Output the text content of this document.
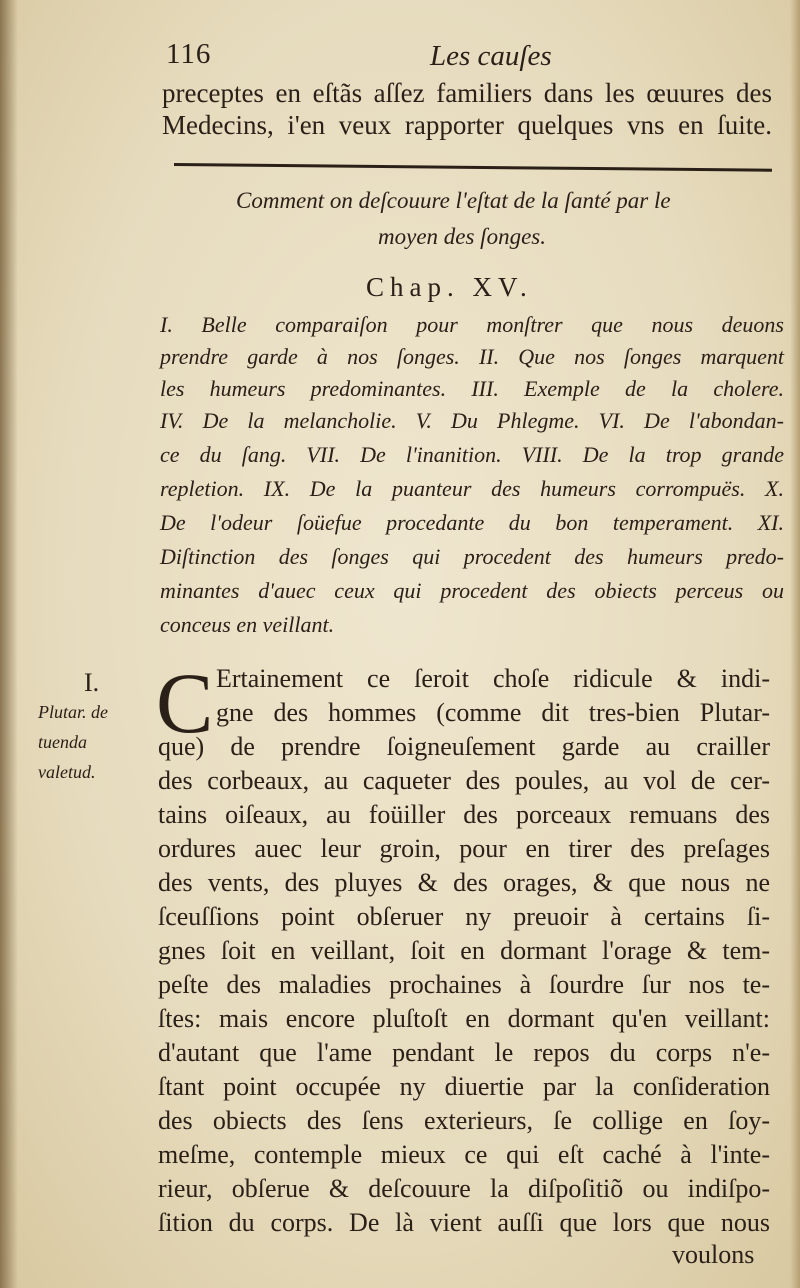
116	Les cauſes
preceptes en eſtãs aſſez familiers dans les œuures des
Medecins, i'en veux rapporter quelques vns en ſuite.
Comment on deſcouure l'eſtat de la ſanté par le
moyen des ſonges.
Chap. XV.
I. Belle comparaiſon pour monſtrer que nous deuons
prendre garde à nos ſonges. II. Que nos ſonges marquent
les humeurs predominantes. III. Exemple de la cholere.
IV. De la melancholie. V. Du Phlegme. VI. De l'abondan-
ce du ſang. VII. De l'inanition. VIII. De la trop grande
repletion. IX. De la puanteur des humeurs corrompuës. X.
De l'odeur ſoüefue procedante du bon temperament. XI.
Diſtinction des ſonges qui procedent des humeurs predo-
minantes d'auec ceux qui procedent des obiects perceus ou
conceus en veillant.
I.
Plutar. de
tuenda
valetud.
C Ertainement ce ſeroit choſe ridicule & indi-
gne des hommes (comme dit tres-bien Plutar-
que) de prendre ſoigneuſement garde au crailler
des corbeaux, au caqueter des poules, au vol de cer-
tains oiſeaux, au foüiller des porceaux remuans des
ordures auec leur groin, pour en tirer des preſages
des vents, des pluyes & des orages, & que nous ne
ſceuſſions point obſeruer ny preuoir à certains ſi-
gnes ſoit en veillant, ſoit en dormant l'orage & tem-
peſte des maladies prochaines à ſourdre ſur nos te-
ſtes: mais encore pluſtoſt en dormant qu'en veillant:
d'autant que l'ame pendant le repos du corps n'e-
ſtant point occupée ny diuertie par la conſideration
des obiects des ſens exterieurs, ſe collige en ſoy-
meſme, contemple mieux ce qui eſt caché à l'inte-
rieur, obſerue & deſcouure la diſpoſitiõ ou indiſpo-
ſition du corps. De là vient auſſi que lors que nous
voulons
